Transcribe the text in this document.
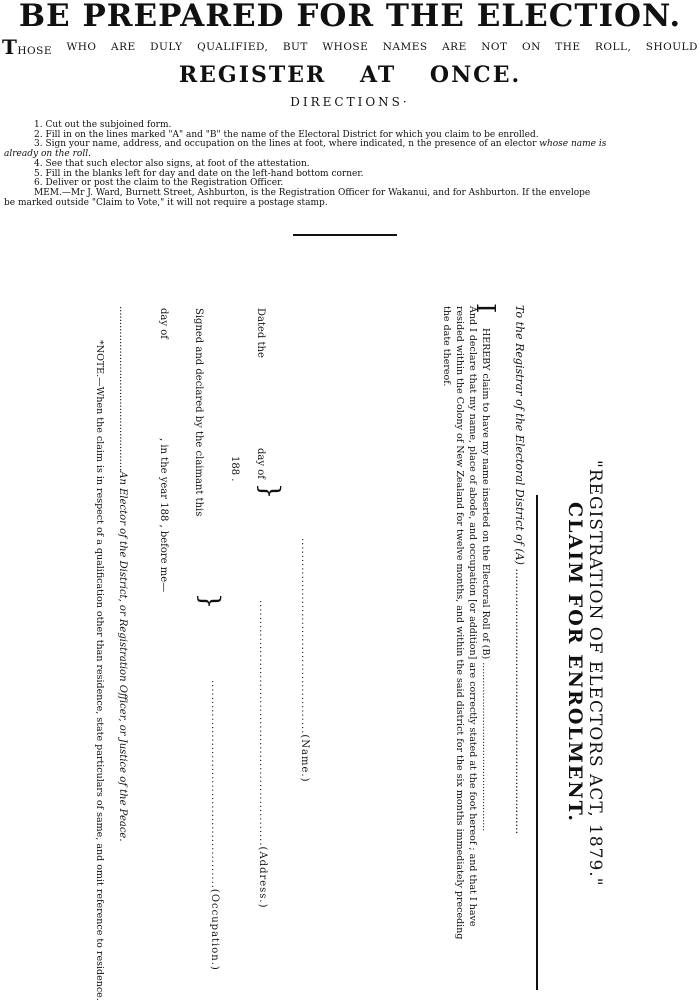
BE PREPARED FOR THE ELECTION.
THOSE WHO ARE DULY QUALIFIED, BUT WHOSE NAMES ARE NOT ON THE ROLL, SHOULD
REGISTER AT ONCE.
DIRECTIONS·
1. Cut out the subjoined form.
2. Fill in on the lines marked "A" and "B" the name of the Electoral District for which you claim to be enrolled.
3. Sign your name, address, and occupation on the lines at foot, where indicated, n the presence of an elector whose name is
already on the roll.
4. See that such elector also signs, at foot of the attestation.
5. Fill in the blanks left for day and date on the left-hand bottom corner.
6. Deliver or post the claim to the Registration Officer.
MEM.—Mr J. Ward, Burnett Street, Ashburton, is the Registration Officer for Wakanui, and for Ashburton. If the envelope
be marked outside "Claim to Vote," it will not require a postage stamp.
"REGISTRATION OF ELECTORS ACT, 1879."
CLAIM FOR ENROLMENT.
To the Registrar of the Electoral District of (A) ............................................................................
I
HEREBY claim to have my name inserted on the Electoral Roll of (B) ........................................................
And I declare that my name, place of abode, and occupation [or addition] are correctly stated at the foot hereof ; and that I have
resided within the Colony of New Zealand for twelve months, and within the said district for the six months immediately preceding
the date thereof.
...............................................(Name.)
...........................................................(Address.)
..................................................(Occupation.)
Dated the
day of
188 .
}
Signed and declared by the claimant this
day of
, in the year 188 , before me—
}
....................................................An Elector of the District, or Registration Officer, or Justice of the Peace.
*NOTE.—When the claim is in respect of a qualification other than residence, state particulars of same, and omit reference to residence.
